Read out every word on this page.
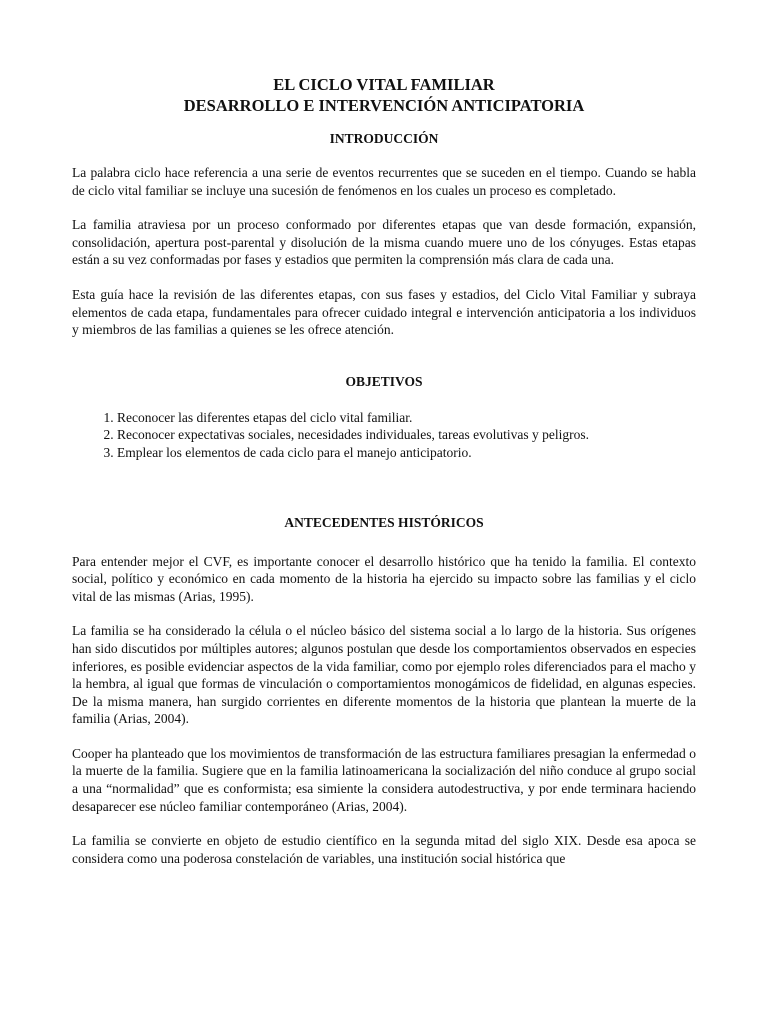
EL CICLO VITAL FAMILIAR
DESARROLLO E INTERVENCIÓN ANTICIPATORIA
INTRODUCCIÓN

La palabra ciclo hace referencia a una serie de eventos recurrentes que se suceden en el tiempo. Cuando se habla de ciclo vital familiar se incluye una sucesión de fenómenos en los cuales un proceso es completado.

La familia atraviesa por un proceso conformado por diferentes etapas que van desde formación, expansión, consolidación, apertura post-parental y disolución de la misma cuando muere uno de los cónyuges. Estas etapas están a su vez conformadas por fases y estadios que permiten la comprensión más clara de cada una.

Esta guía hace la revisión de las diferentes etapas, con sus fases y estadios, del Ciclo Vital Familiar y subraya elementos de cada etapa, fundamentales para ofrecer cuidado integral e intervención anticipatoria a los individuos y miembros de las familias a quienes se les ofrece atención.

OBJETIVOS
1. Reconocer las diferentes etapas del ciclo vital familiar.
2. Reconocer expectativas sociales, necesidades individuales, tareas evolutivas y peligros.
3. Emplear los elementos de cada ciclo para el manejo anticipatorio.
ANTECEDENTES HISTÓRICOS

Para entender mejor el CVF, es importante conocer el desarrollo histórico que ha tenido la familia. El contexto social, político y económico en cada momento de la historia ha ejercido su impacto sobre las familias y el ciclo vital de las mismas (Arias, 1995).

La familia se ha considerado la célula o el núcleo básico del sistema social a lo largo de la historia. Sus orígenes han sido discutidos por múltiples autores; algunos postulan que desde los comportamientos observados en especies inferiores, es posible evidenciar aspectos de la vida familiar, como por ejemplo roles diferenciados para el macho y la hembra, al igual que formas de vinculación o comportamientos monogámicos de fidelidad, en algunas especies. De la misma manera, han surgido corrientes en diferente momentos de la historia que plantean la muerte de la familia (Arias, 2004).

Cooper ha planteado que los movimientos de transformación de las estructura familiares presagian la enfermedad o la muerte de la familia. Sugiere que en la familia latinoamericana la socialización del niño conduce al grupo social a una “normalidad” que es conformista; esa simiente la considera autodestructiva, y por ende terminara haciendo desaparecer ese núcleo familiar contemporáneo (Arias, 2004).

La familia se convierte en objeto de estudio científico en la segunda mitad del siglo XIX. Desde esa apoca se considera como una poderosa constelación de variables, una institución social histórica que
